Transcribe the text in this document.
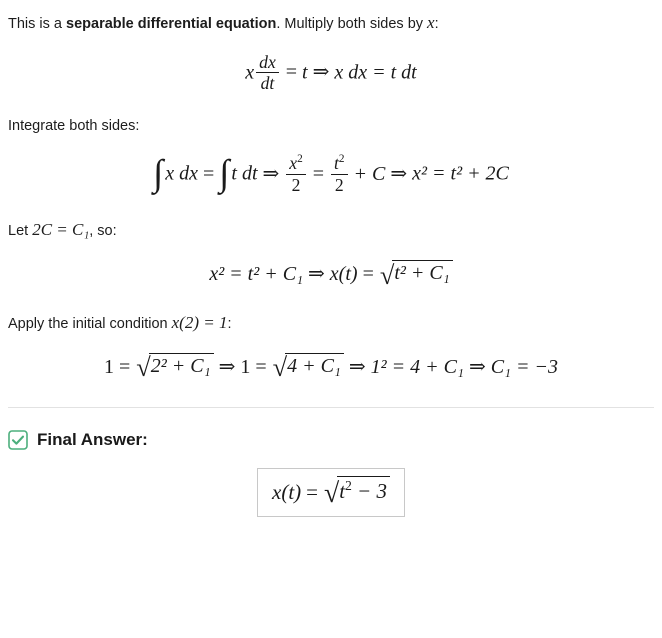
This is a separable differential equation. Multiply both sides by x:

x $\frac{dx}{dt} = t$ ⇒ x dx = t dt

Integrate both sides:

∫ x dx = ∫ t dt ⇒ $\frac{x^2}{2} = \frac{t^2}{2} + C$ ⇒ x² = t² + 2C

Let 2C = C₁, so:

x² = t² + C₁ ⇒ x(t) = √t² + C₁

Apply the initial condition x(2) = 1:

1 = √2² + C₁ ⇒ 1 = √4 + C₁ ⇒ 1² = 4 + C₁ ⇒ C₁ = −3
Final Answer:
$x(t) = √t^2 - 3$
